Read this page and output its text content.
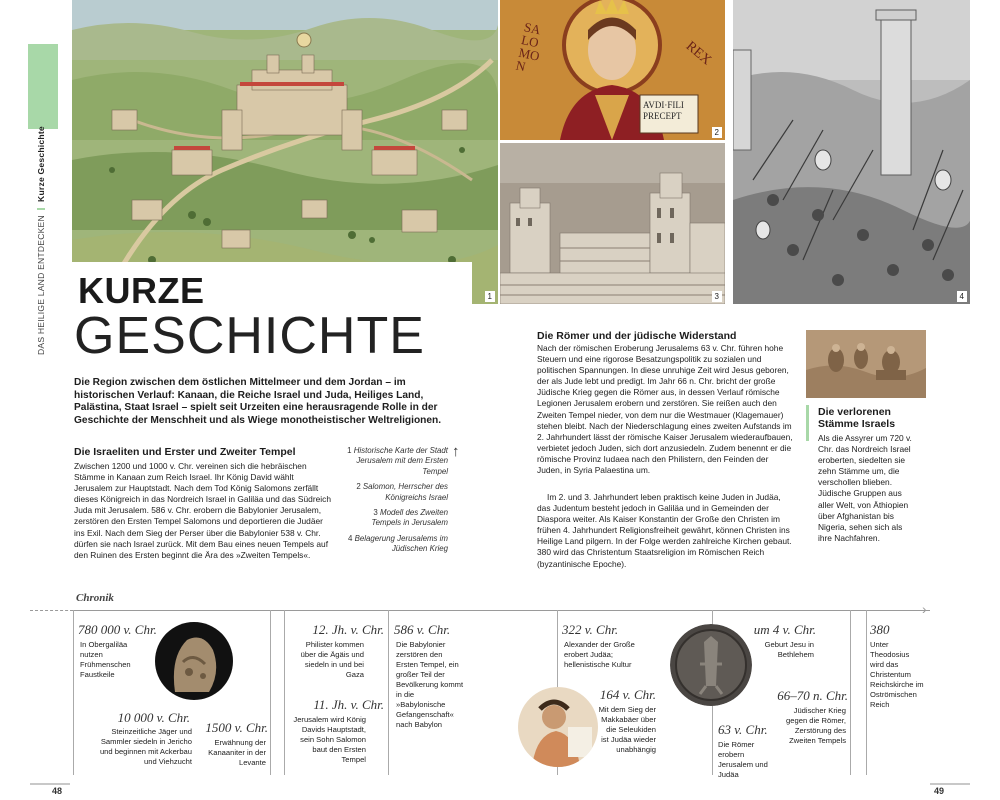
DAS HEILIGE LAND ENTDECKEN  Kurze Geschichte
1
SALOMON	REX
AVDI·FILI PRECEPT
2
3	4
KURZE
GESCHICHTE
Die Region zwischen dem östlichen Mittelmeer und dem Jordan – im historischen Verlauf: Kanaan, die Reiche Israel und Juda, Heiliges Land, Palästina, Staat Israel – spielt seit Urzeiten eine herausragende Rolle in der Geschichte der Menschheit und als Wiege monotheistischer Weltreligionen.
Die Israeliten und Erster und Zweiter Tempel
Zwischen 1200 und 1000 v. Chr. vereinen sich die hebräischen Stämme in Kanaan zum Reich Israel. Ihr König David wählt Jerusalem zur Hauptstadt. Nach dem Tod König Salomons zerfällt dieses Königreich in das Nordreich Israel in Galiläa und das Südreich Juda mit Jerusalem. 586 v. Chr. erobern die Babylonier Jerusalem, zerstören den Ersten Tempel Salomons und deportieren die Judäer ins Exil. Nach dem Sieg der Perser über die Babylonier 538 v. Chr. dürfen sie nach Israel zurück. Mit dem Bau eines neuen Tempels auf den Ruinen des Ersten beginnt die Ära des »Zweiten Tempels«.
1 Historische Karte der Stadt Jerusalem mit dem Ersten Tempel
2 Salomon, Herrscher des Königreichs Israel
3 Modell des Zweiten Tempels in Jerusalem
4 Belagerung Jerusalems im Jüdischen Krieg
↑
Die Römer und der jüdische Widerstand
Nach der römischen Eroberung Jerusalems 63 v. Chr. führen hohe Steuern und eine rigorose Besatzungspolitik zu sozialen und politischen Spannungen. In diese unruhige Zeit wird Jesus geboren, der als Jude lebt und predigt. Im Jahr 66 n. Chr. bricht der große Jüdische Krieg gegen die Römer aus, in dessen Verlauf römische Legionen Jerusalem erobern und zerstören. Sie reißen auch den Zweiten Tempel nieder, von dem nur die Westmauer (Klagemauer) stehen bleibt. Nach der Niederschlagung eines zweiten Aufstands im 2. Jahrhundert lässt der römische Kaiser Jerusalem wiederaufbauen, verbietet jedoch Juden, sich dort anzusiedeln. Zudem benennt er die römische Provinz Iudaea nach den Philistern, den Feinden der Juden, in Syria Palaestina um.
Im 2. und 3. Jahrhundert leben praktisch keine Juden in Judäa, das Judentum besteht jedoch in Galiläa und in Gemeinden der Diaspora weiter. Als Kaiser Konstantin der Große den Christen im frühen 4. Jahrhundert Religionsfreiheit gewährt, können Christen ins Heilige Land pilgern. In der Folge werden zahlreiche Kirchen gebaut. 380 wird das Christentum Staatsreligion im Römischen Reich (byzantinische Epoche).
Die verlorenen Stämme Israels
Als die Assyrer um 720 v. Chr. das Nordreich Israel eroberten, siedelten sie zehn Stämme um, die verschollen blieben. Jüdische Gruppen aus aller Welt, von Äthiopien über Afghanistan bis Nigeria, sehen sich als ihre Nachfahren.
Chronik
›
780 000 v. Chr.
In Obergaliläa nutzen Frühmenschen Faustkeile
10 000 v. Chr.
Steinzeitliche Jäger und Sammler siedeln in Jericho und beginnen mit Ackerbau und Viehzucht
1500 v. Chr.
Erwähnung der Kanaaniter in der Levante
12. Jh. v. Chr.
Philister kommen über die Ägäis und siedeln in und bei Gaza
11. Jh. v. Chr.
Jerusalem wird König Davids Hauptstadt, sein Sohn Salomon baut den Ersten Tempel
586 v. Chr.
Die Babylonier zerstören den Ersten Tempel, ein großer Teil der Bevölkerung kommt in die »Babylonische Gefangenschaft« nach Babylon
322 v. Chr.
Alexander der Große erobert Judäa; hellenistische Kultur
164 v. Chr.
Mit dem Sieg der Makkabäer über die Seleukiden ist Judäa wieder unabhängig
um 4 v. Chr.
Geburt Jesu in Bethlehem
63 v. Chr.
Die Römer erobern Jerusalem und Judäa
66–70 n. Chr.
Jüdischer Krieg gegen die Römer, Zerstörung des Zweiten Tempels
380
Unter Theodosius wird das Christentum Reichskirche im Oströmischen Reich
48	49
